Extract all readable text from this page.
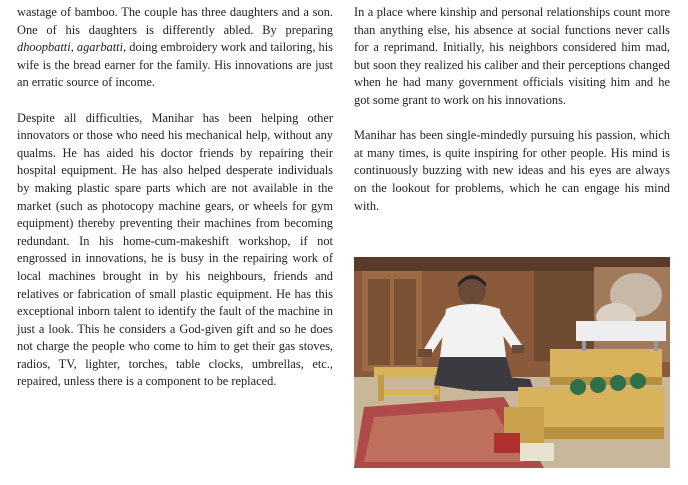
wastage of bamboo. The couple has three daughters and a son. One of his daughters is differently abled. By preparing dhoopbatti, agarbatti, doing embroidery work and tailoring, his wife is the bread earner for the family. His innovations are just an erratic source of income.

Despite all difficulties, Manihar has been helping other innovators or those who need his mechanical help, without any qualms. He has aided his doctor friends by repairing their hospital equipment. He has also helped desperate individuals by making plastic spare parts which are not available in the market (such as photocopy machine gears, or wheels for gym equipment) thereby preventing their machines from becoming redundant. In his home-cum-makeshift workshop, if not engrossed in innovations, he is busy in the repairing work of local machines brought in by his neighbours, friends and relatives or fabrication of small plastic equipment. He has this exceptional inborn talent to identify the fault of the machine in just a look. This he considers a God-given gift and so he does not charge the people who come to him to get their gas stoves, radios, TV, lighter, torches, table clocks, umbrellas, etc., repaired, unless there is a component to be replaced.

In a place where kinship and personal relationships count more than anything else, his absence at social functions never calls for a reprimand. Initially, his neighbors considered him mad, but soon they realized his caliber and their perceptions changed when he had many government officials visiting him and he got some grant to work on his innovations.

Manihar has been single-mindedly pursuing his passion, which at many times, is quite inspiring for other people. His mind is continuously buzzing with new ideas and his eyes are always on the lookout for problems, which he can engage his mind with.
